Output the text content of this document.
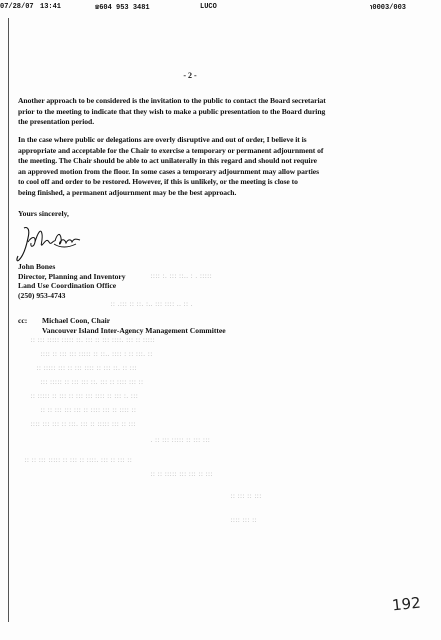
07/28/07 13:41	☎604 953 3481	LUCO	℩0003/003
- 2 -
Another approach to be considered is the invitation to the public to contact the Board secretariat
prior to the meeting to indicate that they wish to make a public presentation to the Board during
the presentation period.
In the case where public or delegations are overly disruptive and out of order, I believe it is
appropriate and acceptable for the Chair to exercise a temporary or permanent adjournment of
the meeting. The Chair should be able to act unilaterally in this regard and should not require
an approved motion from the floor. In some cases a temporary adjournment may allow parties
to cool off and order to be restored. However, if this is unlikely, or the meeting is close to
being finished, a permanent adjournment may be the best approach.
Yours sincerely,
John Bones
Director, Planning and Inventory
Land Use Coordination Office
(250) 953-4743
cc: Michael Coon, Chair
Vancouver Island Inter-Agency Management Committee
::::: . : ..:: ::: .: ::::
. :: .. :::: ::: ..: .:: :: :::. ::
::::: :: ::: .:::: ::: :: ::: .:: ::::: ::::: ::: ::
:: .::: :: : :::: ..:: :: ::::: ::: ::: :: ::::
::: :: .:: ::: :: :::: ::: :: ::: ::::: ::
:: ::: :::: :: ::: .:: ::: ::: :: ::::: :::
::: .: ::: :: :::: ::: ::: :: ::: :: ::::: ::
:: :::: :: ::: :::: :: ::: ::: ::: :: ::
::: :: ::: ::::: :: ::: .::: :: ::: ::: ::::
::: ::: :: ::::: ::: :: .
:: ::: :: ::: .:::: :: ::: :: ::::: ::: :: ::
::: :: ::: ::: ::::: :: ::
::: :: ::: ::
:: ::: ::::
192
